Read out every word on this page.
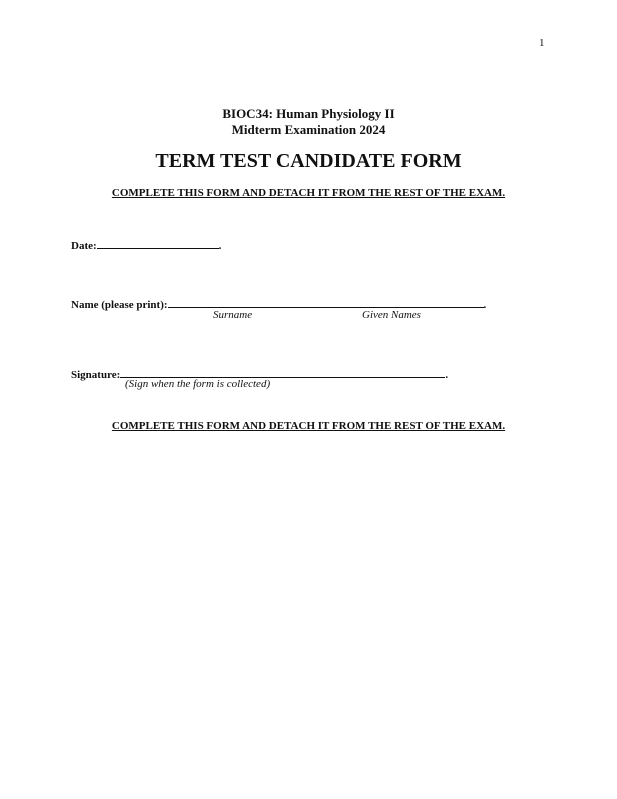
1
BIOC34: Human Physiology II
Midterm Examination 2024
TERM TEST CANDIDATE FORM
COMPLETE THIS FORM AND DETACH IT FROM THE REST OF THE EXAM.
Date:	.
Name (please print):	.
Surname	Given Names
Signature:	.
(Sign when the form is collected)
COMPLETE THIS FORM AND DETACH IT FROM THE REST OF THE EXAM.
